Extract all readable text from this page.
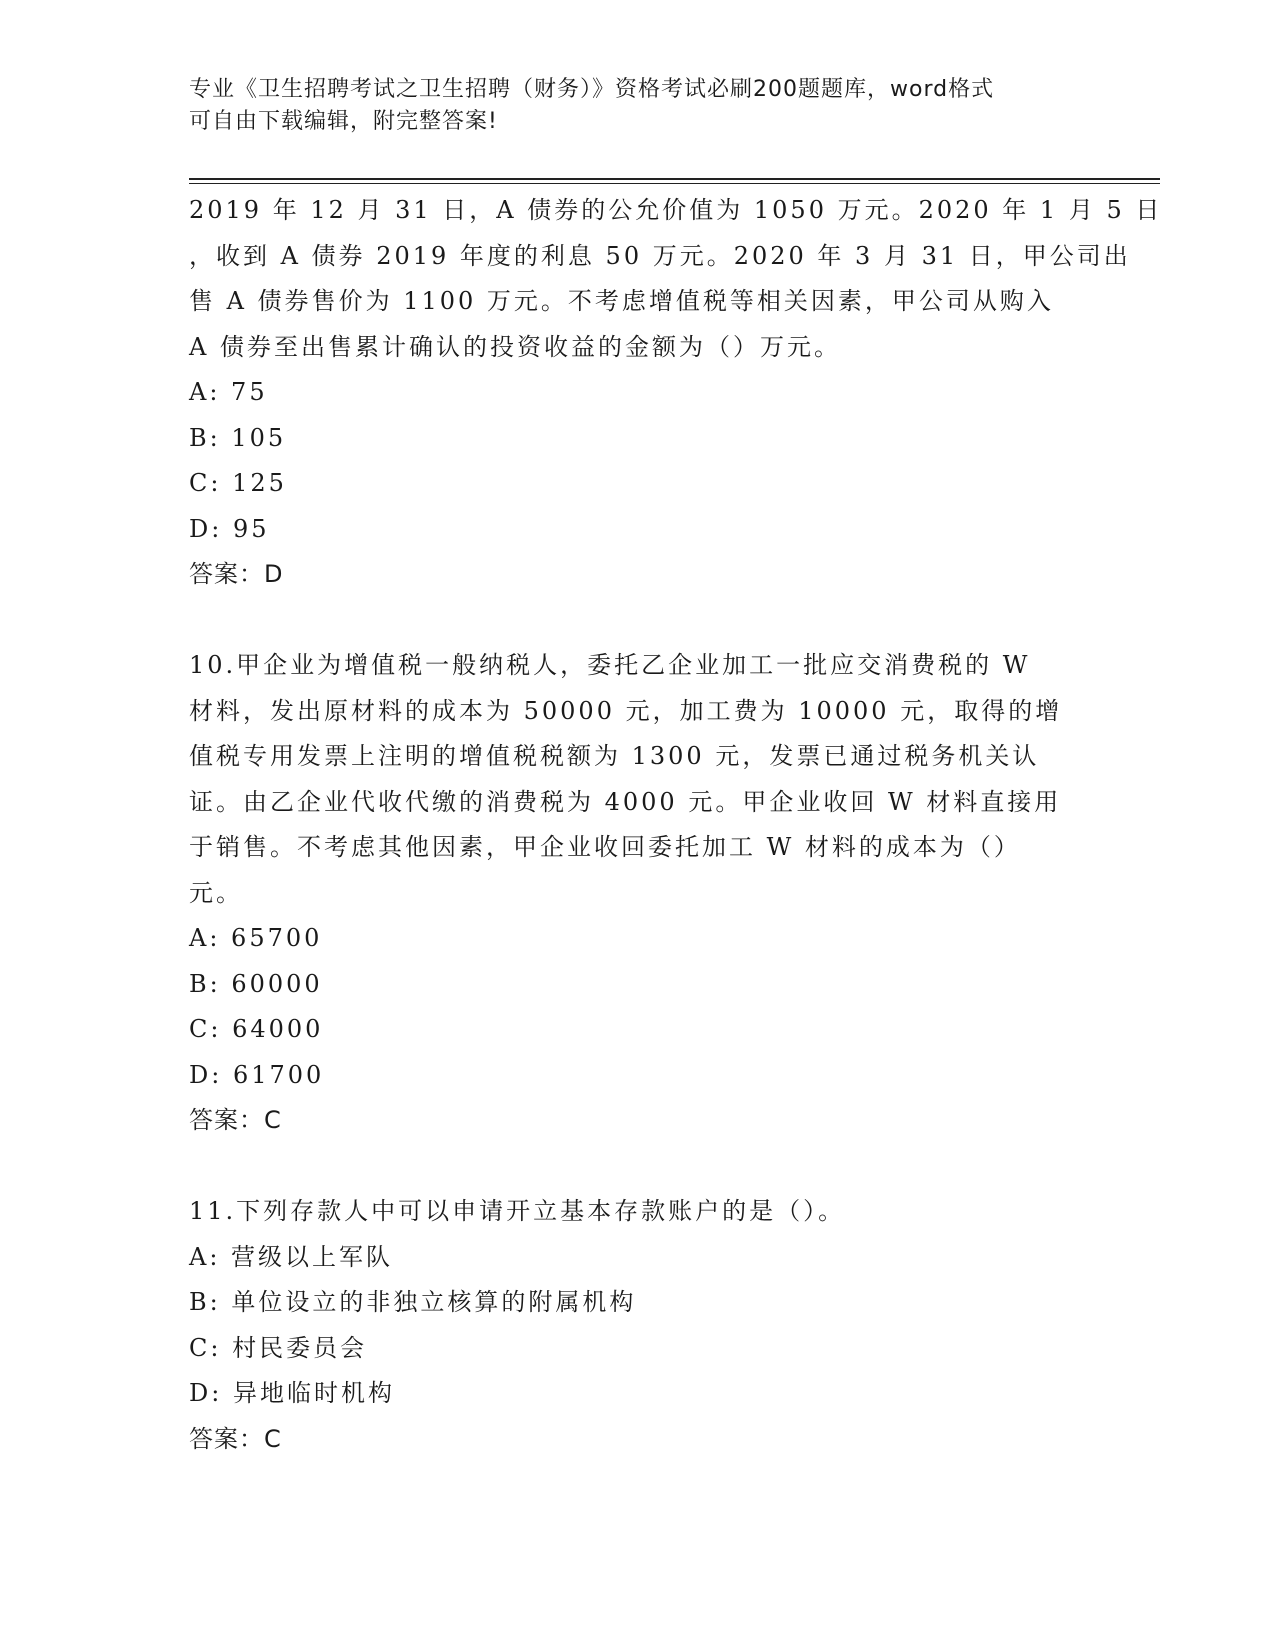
专业《卫生招聘考试之卫生招聘（财务）》资格考试必刷200题题库，word格式
可自由下载编辑，附完整答案!
2019 年 12 月 31 日，A 债券的公允价值为 1050 万元。2020 年 1 月 5 日
，收到 A 债券 2019 年度的利息 50 万元。2020 年 3 月 31 日，甲公司出
售 A 债券售价为 1100 万元。不考虑增值税等相关因素，甲公司从购入
A 债券至出售累计确认的投资收益的金额为（）万元。
A: 75
B: 105
C: 125
D: 95
答案：D
10.甲企业为增值税一般纳税人，委托乙企业加工一批应交消费税的 W
材料，发出原材料的成本为 50000 元，加工费为 10000 元，取得的增
值税专用发票上注明的增值税税额为 1300 元，发票已通过税务机关认
证。由乙企业代收代缴的消费税为 4000 元。甲企业收回 W 材料直接用
于销售。不考虑其他因素，甲企业收回委托加工 W 材料的成本为（）
元。
A: 65700
B: 60000
C: 64000
D: 61700
答案：C
11.下列存款人中可以申请开立基本存款账户的是（）。
A: 营级以上军队
B: 单位设立的非独立核算的附属机构
C: 村民委员会
D: 异地临时机构
答案：C
